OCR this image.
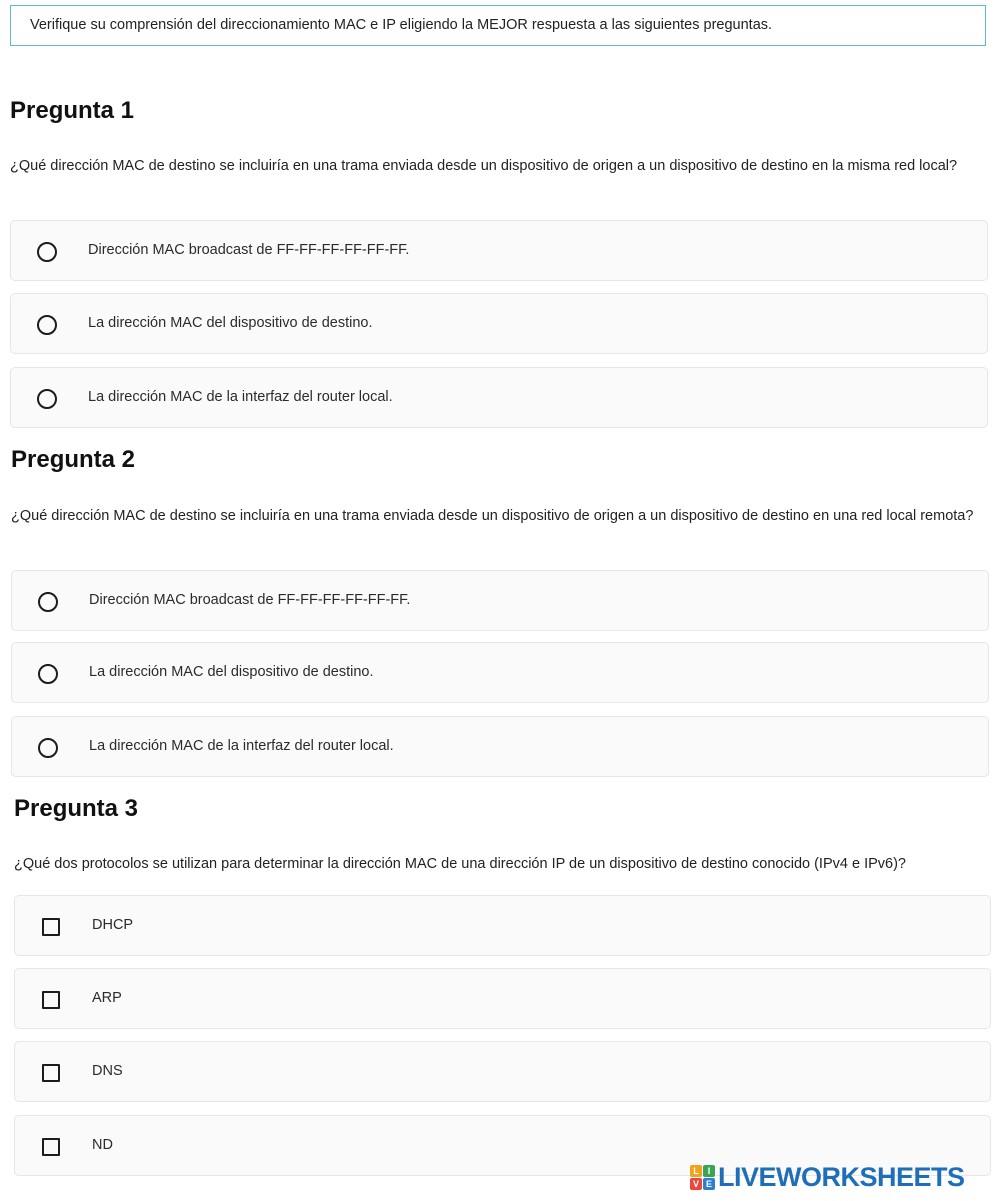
Verifique su comprensión del direccionamiento MAC e IP eligiendo la MEJOR respuesta a las siguientes preguntas.
Pregunta 1
¿Qué dirección MAC de destino se incluiría en una trama enviada desde un dispositivo de origen a un dispositivo de destino en la misma red local?
Dirección MAC broadcast de FF-FF-FF-FF-FF-FF.
La dirección MAC del dispositivo de destino.
La dirección MAC de la interfaz del router local.
Pregunta 2
¿Qué dirección MAC de destino se incluiría en una trama enviada desde un dispositivo de origen a un dispositivo de destino en una red local remota?
Dirección MAC broadcast de FF-FF-FF-FF-FF-FF.
La dirección MAC del dispositivo de destino.
La dirección MAC de la interfaz del router local.
Pregunta 3
¿Qué dos protocolos se utilizan para determinar la dirección MAC de una dirección IP de un dispositivo de destino conocido (IPv4 e IPv6)?
DHCP
ARP
DNS
ND
L I
V E LIVEWORKSHEETS
